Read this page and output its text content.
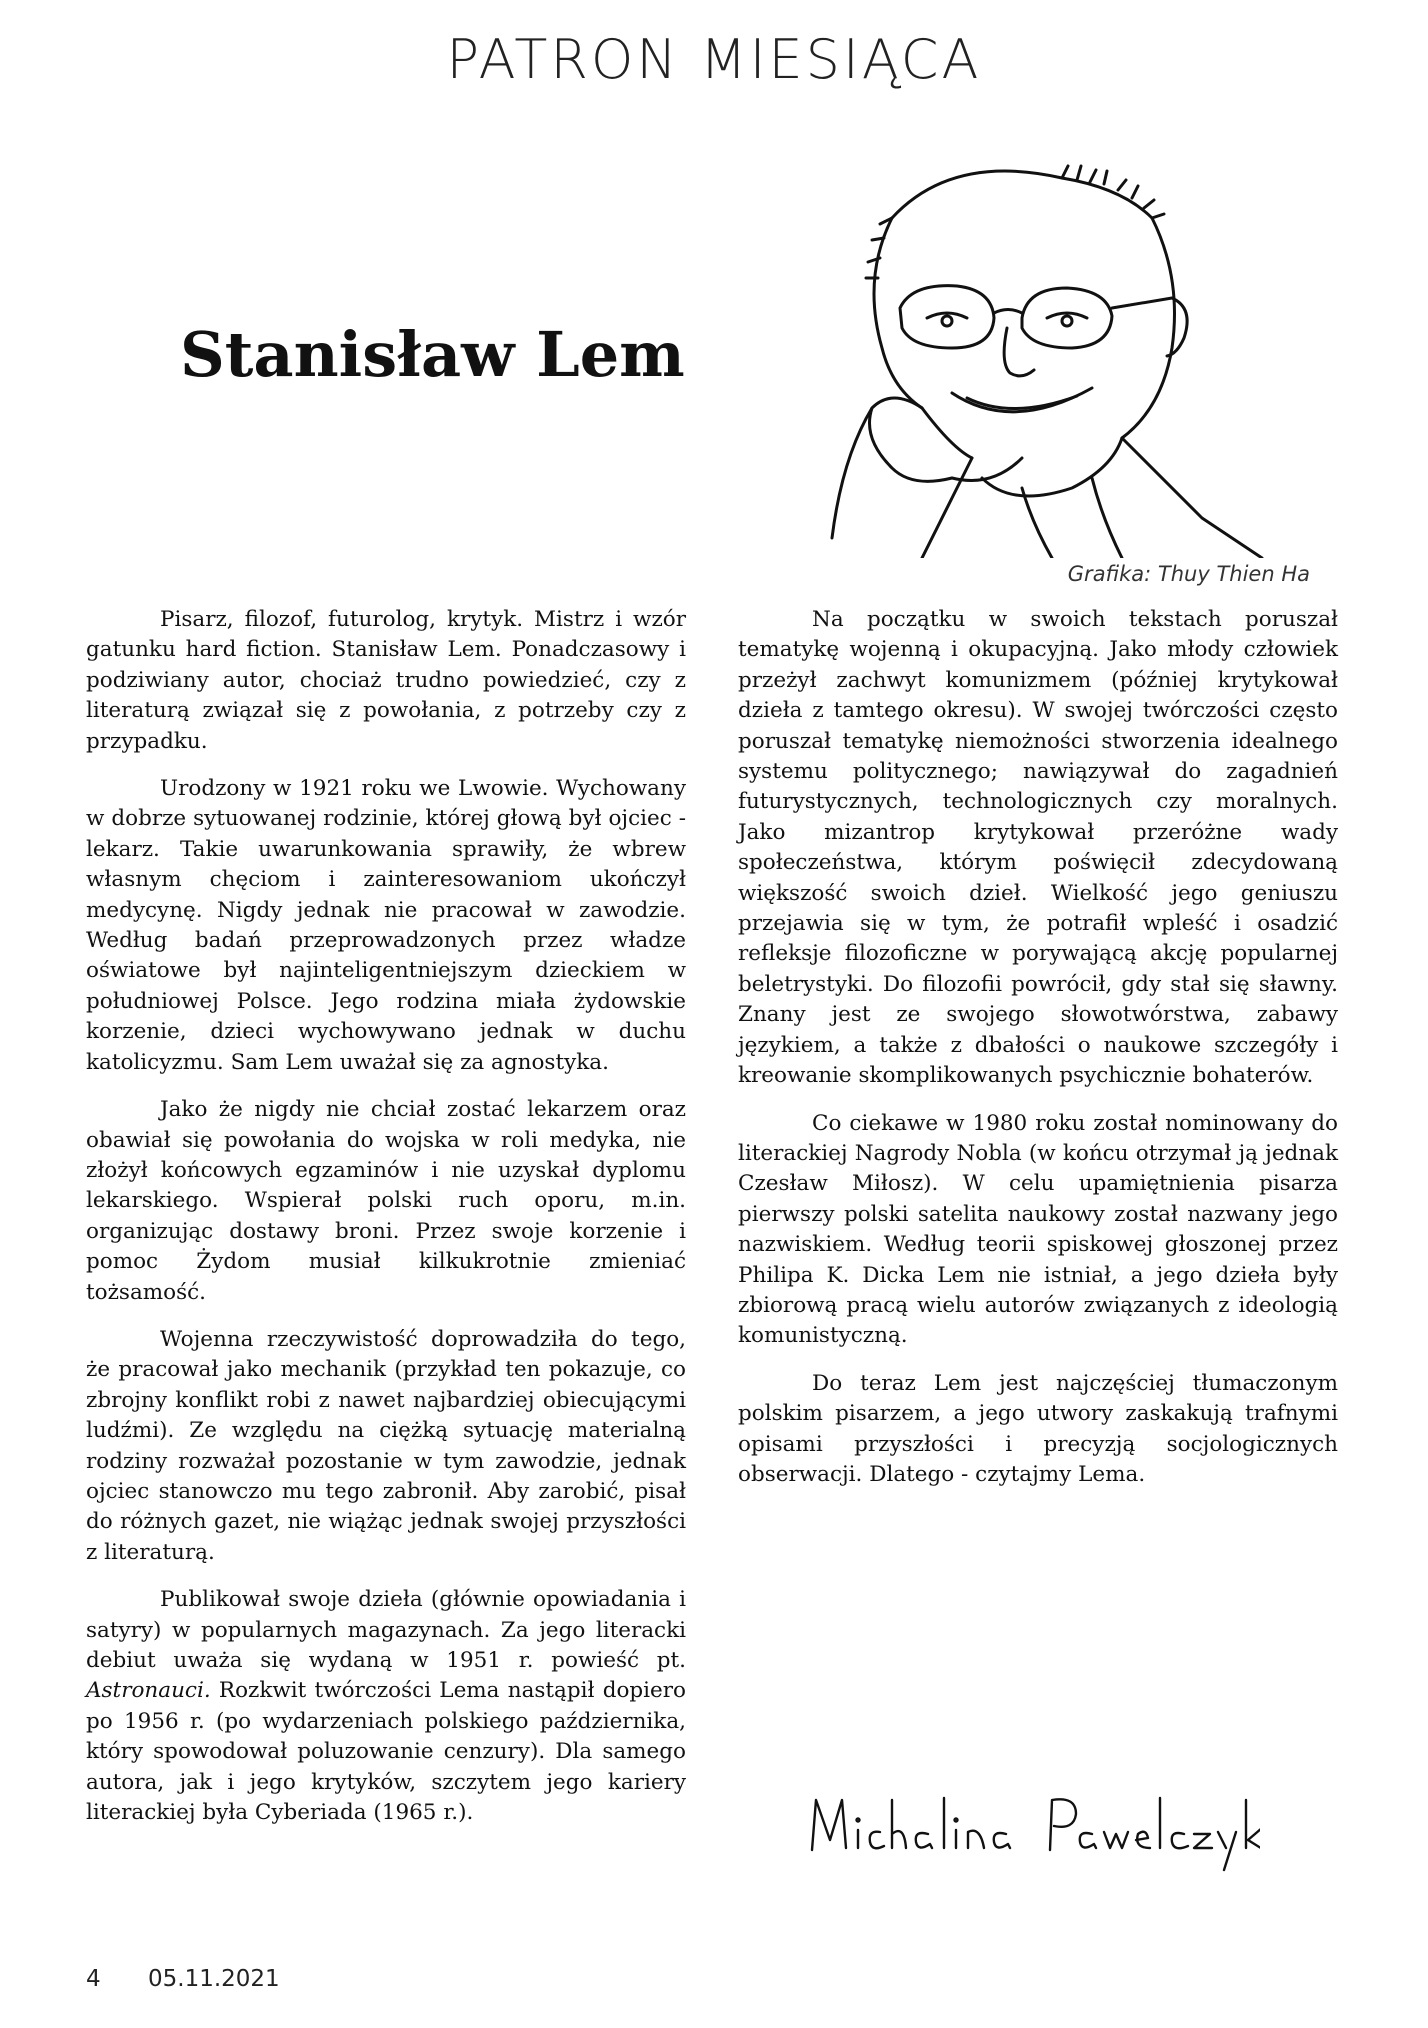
PATRON MIESIĄCA
Stanisław Lem
Grafika: Thuy Thien Ha

Pisarz, filozof, futurolog, krytyk. Mistrz i wzór gatunku hard fiction. Stanisław Lem. Ponadczasowy i podziwiany autor, chociaż trudno powiedzieć, czy z literaturą związał się z powołania, z potrzeby czy z przypadku.

Urodzony w 1921 roku we Lwowie. Wychowany w dobrze sytuowanej rodzinie, której głową był ojciec - lekarz. Takie uwarunkowania sprawiły, że wbrew własnym chęciom i zainteresowaniom ukończył medycynę. Nigdy jednak nie pracował w zawodzie. Według badań przeprowadzonych przez władze oświatowe był najinteligentniejszym dzieckiem w południowej Polsce. Jego rodzina miała żydowskie korzenie, dzieci wychowywano jednak w duchu katolicyzmu. Sam Lem uważał się za agnostyka.

Jako że nigdy nie chciał zostać lekarzem oraz obawiał się powołania do wojska w roli medyka, nie złożył końcowych egzaminów i nie uzyskał dyplomu lekarskiego. Wspierał polski ruch oporu, m.in. organizując dostawy broni. Przez swoje korzenie i pomoc Żydom musiał kilkukrotnie zmieniać tożsamość.

Wojenna rzeczywistość doprowadziła do tego, że pracował jako mechanik (przykład ten pokazuje, co zbrojny konflikt robi z nawet najbardziej obiecującymi ludźmi). Ze względu na ciężką sytuację materialną rodziny rozważał pozostanie w tym zawodzie, jednak ojciec stanowczo mu tego zabronił. Aby zarobić, pisał do różnych gazet, nie wiążąc jednak swojej przyszłości z literaturą.

Publikował swoje dzieła (głównie opowiadania i satyry) w popularnych magazynach. Za jego literacki debiut uważa się wydaną w 1951 r. powieść pt. Astronauci. Rozkwit twórczości Lema nastąpił dopiero po 1956 r. (po wydarzeniach polskiego października, który spowodował poluzowanie cenzury). Dla samego autora, jak i jego krytyków, szczytem jego kariery literackiej była Cyberiada (1965 r.).

Na początku w swoich tekstach poruszał tematykę wojenną i okupacyjną. Jako młody człowiek przeżył zachwyt komunizmem (później krytykował dzieła z tamtego okresu). W swojej twórczości często poruszał tematykę niemożności stworzenia idealnego systemu politycznego; nawiązywał do zagadnień futurystycznych, technologicznych czy moralnych. Jako mizantrop krytykował przeróżne wady społeczeństwa, którym poświęcił zdecydowaną większość swoich dzieł. Wielkość jego geniuszu przejawia się w tym, że potrafił wpleść i osadzić refleksje filozoficzne w porywającą akcję popularnej beletrystyki. Do filozofii powrócił, gdy stał się sławny. Znany jest ze swojego słowotwórstwa, zabawy językiem, a także z dbałości o naukowe szczegóły i kreowanie skomplikowanych psychicznie bohaterów.

Co ciekawe w 1980 roku został nominowany do literackiej Nagrody Nobla (w końcu otrzymał ją jednak Czesław Miłosz). W celu upamiętnienia pisarza pierwszy polski satelita naukowy został nazwany jego nazwiskiem. Według teorii spiskowej głoszonej przez Philipa K. Dicka Lem nie istniał, a jego dzieła były zbiorową pracą wielu autorów związanych z ideologią komunistyczną.

Do teraz Lem jest najczęściej tłumaczonym polskim pisarzem, a jego utwory zaskakują trafnymi opisami przyszłości i precyzją socjologicznych obserwacji. Dlatego - czytajmy Lema.

4 05.11.2021
